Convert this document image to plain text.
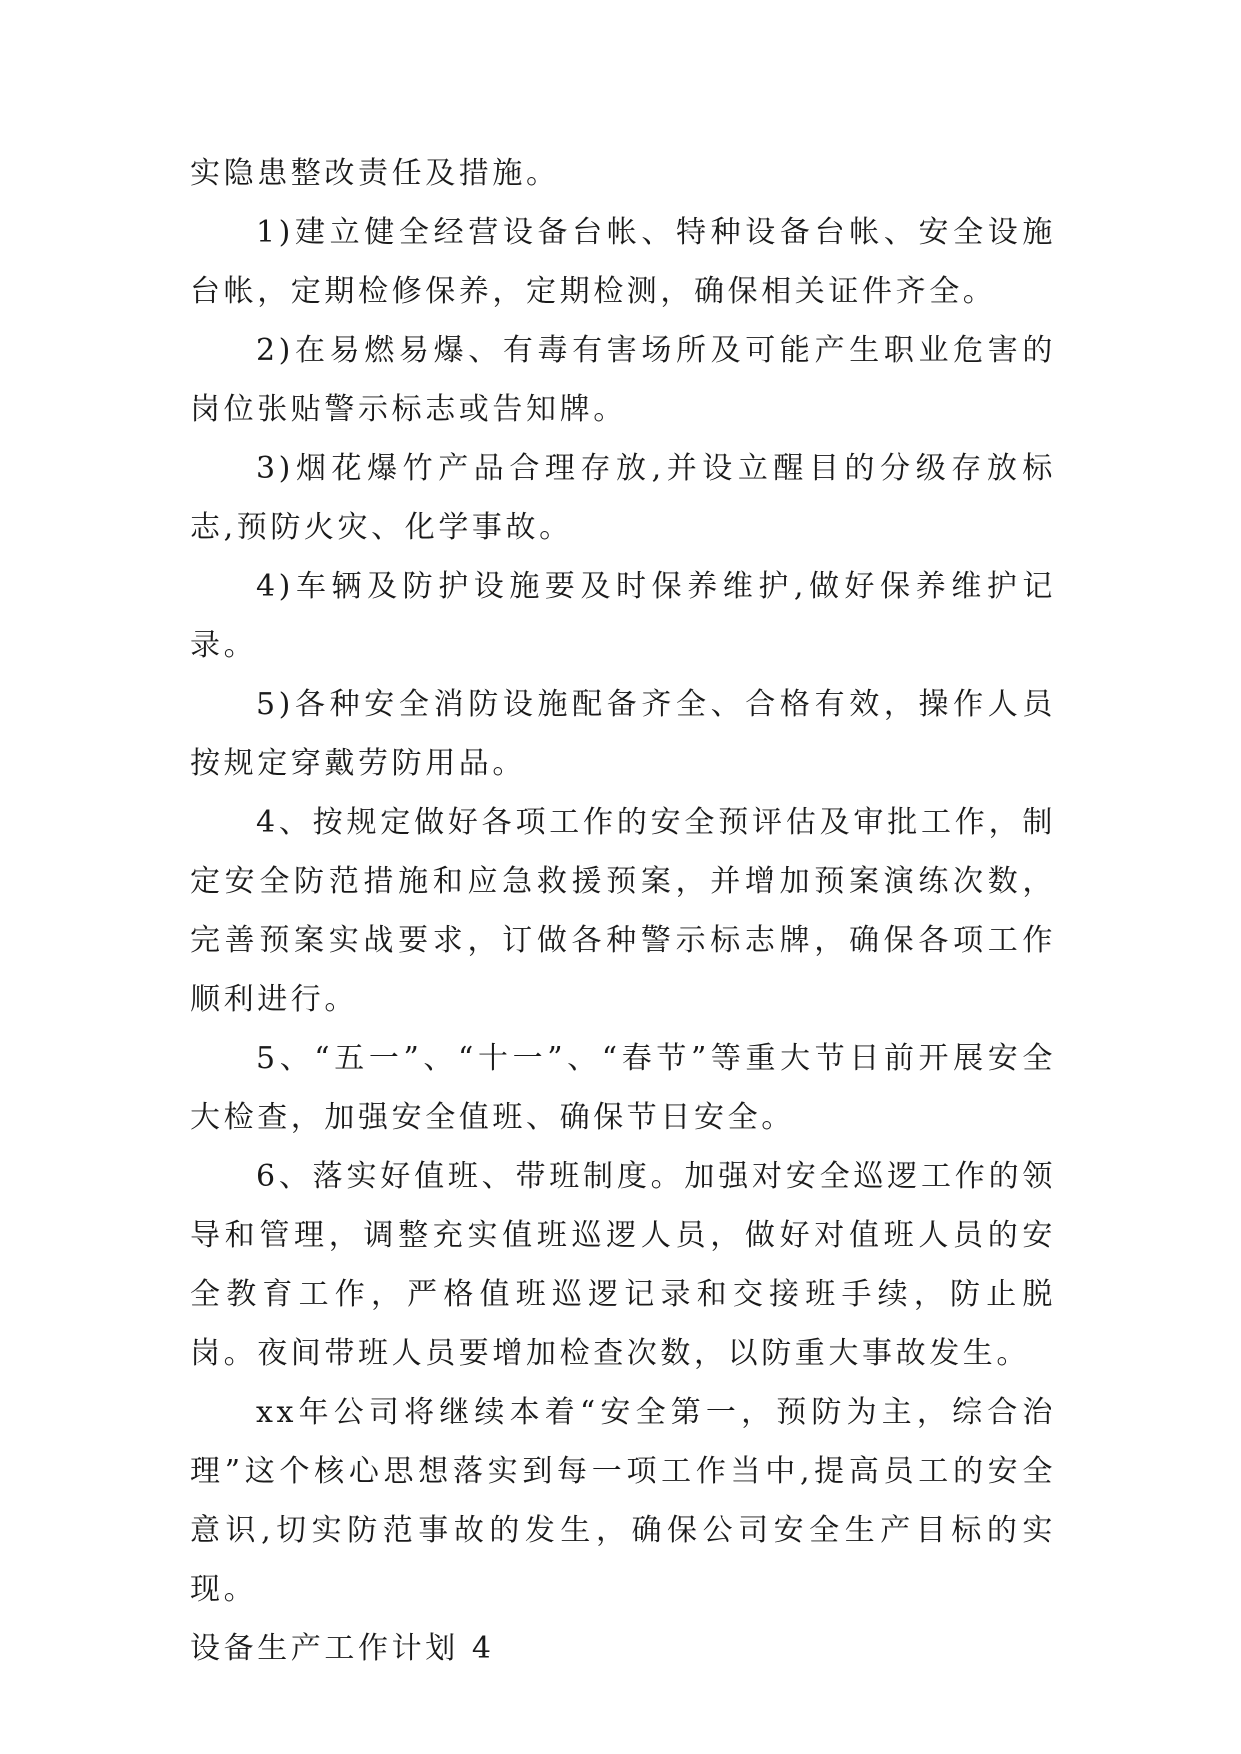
实隐患整改责任及措施。

1)建立健全经营设备台帐、特种设备台帐、安全设施台帐，定期检修保养，定期检测，确保相关证件齐全。

2)在易燃易爆、有毒有害场所及可能产生职业危害的岗位张贴警示标志或告知牌。

3)烟花爆竹产品合理存放,并设立醒目的分级存放标志,预防火灾、化学事故。

4)车辆及防护设施要及时保养维护,做好保养维护记录。

5)各种安全消防设施配备齐全、合格有效，操作人员按规定穿戴劳防用品。

4、按规定做好各项工作的安全预评估及审批工作，制定安全防范措施和应急救援预案，并增加预案演练次数，完善预案实战要求，订做各种警示标志牌，确保各项工作顺利进行。

5、“五一”、“十一”、“春节”等重大节日前开展安全大检查，加强安全值班、确保节日安全。

6、落实好值班、带班制度。加强对安全巡逻工作的领导和管理，调整充实值班巡逻人员，做好对值班人员的安全教育工作，严格值班巡逻记录和交接班手续，防止脱岗。夜间带班人员要增加检查次数，以防重大事故发生。

xx年公司将继续本着“安全第一，预防为主，综合治理”这个核心思想落实到每一项工作当中,提高员工的安全意识,切实防范事故的发生，确保公司安全生产目标的实现。

设备生产工作计划 4
